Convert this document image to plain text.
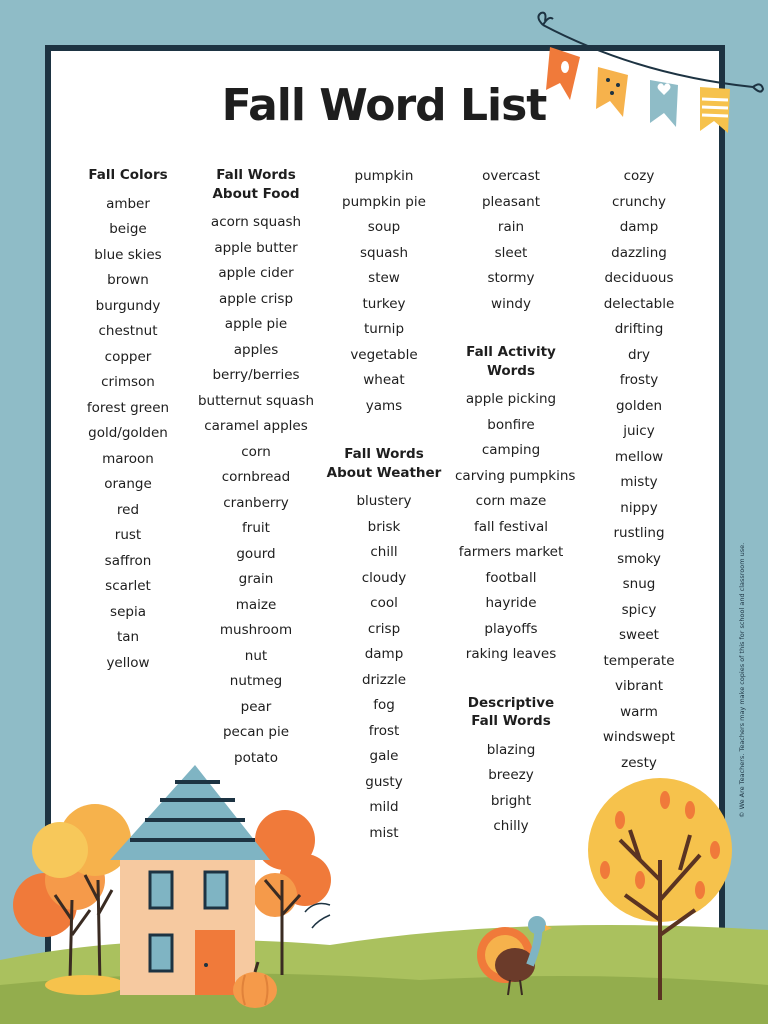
Fall Word List
Fall Colors
amber
beige
blue skies
brown
burgundy
chestnut
copper
crimson
forest green
gold/golden
maroon
orange
red
rust
saffron
scarlet
sepia
tan
yellow
Fall Words About Food
acorn squash
apple butter
apple cider
apple crisp
apple pie
apples
berry/berries
butternut squash
caramel apples
corn
cornbread
cranberry
fruit
gourd
grain
maize
mushroom
nut
nutmeg
pear
pecan pie
potato
pumpkin
pumpkin pie
soup
squash
stew
turkey
turnip
vegetable
wheat
yams
Fall Words About Weather
blustery
brisk
chill
cloudy
cool
crisp
damp
drizzle
fog
frost
gale
gusty
mild
mist
overcast
pleasant
rain
sleet
stormy
windy
Fall Activity Words
apple picking
bonfire
camping
carving pumpkins
corn maze
fall festival
farmers market
football
hayride
playoffs
raking leaves
Descriptive Fall Words
blazing
breezy
bright
chilly
cozy
crunchy
damp
dazzling
deciduous
delectable
drifting
dry
frosty
golden
juicy
mellow
misty
nippy
rustling
smoky
snug
spicy
sweet
temperate
vibrant
warm
windswept
zesty	© We Are Teachers. Teachers may make copies of this for school and classroom use.
